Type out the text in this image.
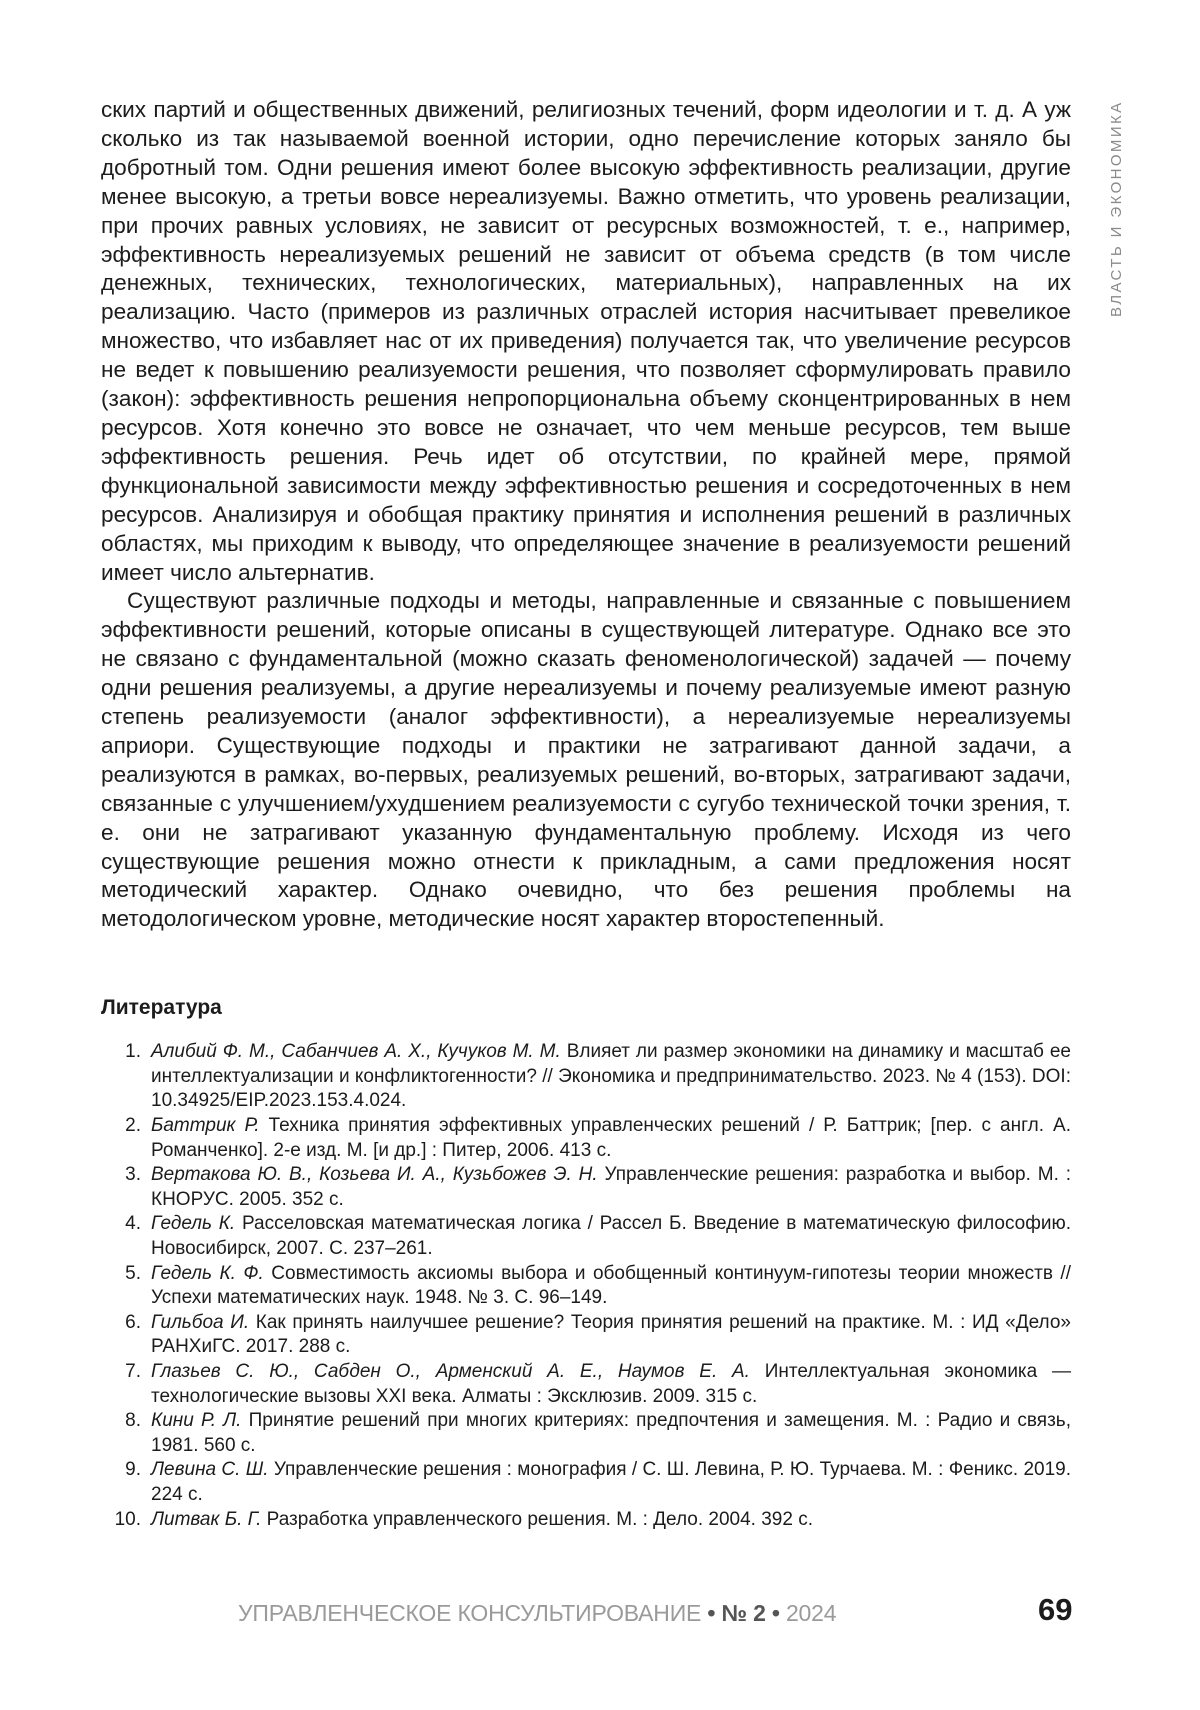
ВЛАСТЬ И ЭКОНОМИКА

ских партий и общественных движений, религиозных течений, форм идеологии и т. д. А уж сколько из так называемой военной истории, одно перечисление которых заняло бы добротный том. Одни решения имеют более высокую эффективность реализации, другие менее высокую, а третьи вовсе нереализуемы. Важно отметить, что уровень реализации, при прочих равных условиях, не зависит от ресурсных возможностей, т. е., например, эффективность нереализуемых решений не зависит от объема средств (в том числе денежных, технических, технологических, материальных), направленных на их реализацию. Часто (примеров из различных отраслей история насчитывает превеликое множество, что избавляет нас от их приведения) получается так, что увеличение ресурсов не ведет к повышению реализуемости решения, что позволяет сформулировать правило (закон): эффективность решения непропорциональна объему сконцентрированных в нем ресурсов. Хотя конечно это вовсе не означает, что чем меньше ресурсов, тем выше эффективность решения. Речь идет об отсутствии, по крайней мере, прямой функциональной зависимости между эффективностью решения и сосредоточенных в нем ресурсов. Анализируя и обобщая практику принятия и исполнения решений в различных областях, мы приходим к выводу, что определяющее значение в реализуемости решений имеет число альтернатив.

Существуют различные подходы и методы, направленные и связанные с повышением эффективности решений, которые описаны в существующей литературе. Однако все это не связано с фундаментальной (можно сказать феноменологической) задачей — почему одни решения реализуемы, а другие нереализуемы и почему реализуемые имеют разную степень реализуемости (аналог эффективности), а нереализуемые нереализуемы априори. Существующие подходы и практики не затрагивают данной задачи, а реализуются в рамках, во-первых, реализуемых решений, во-вторых, затрагивают задачи, связанные с улучшением/ухудшением реализуемости с сугубо технической точки зрения, т. е. они не затрагивают указанную фундаментальную проблему. Исходя из чего существующие решения можно отнести к прикладным, а сами предложения носят методический характер. Однако очевидно, что без решения проблемы на методологическом уровне, методические носят характер второстепенный.

Литература
1. Алибий Ф. М., Сабанчиев А. Х., Кучуков М. М. Влияет ли размер экономики на динамику и масштаб ее интеллектуализации и конфликтогенности? // Экономика и предпринимательство. 2023. № 4 (153). DOI: 10.34925/EIP.2023.153.4.024.
2. Баттрик Р. Техника принятия эффективных управленческих решений / Р. Баттрик; [пер. с англ. А. Романченко]. 2-е изд. М. [и др.] : Питер, 2006. 413 с.
3. Вертакова Ю. В., Козьева И. А., Кузьбожев Э. Н. Управленческие решения: разработка и выбор. М. : КНОРУС. 2005. 352 с.
4. Гедель К. Расселовская математическая логика / Рассел Б. Введение в математическую философию. Новосибирск, 2007. С. 237–261.
5. Гедель К. Ф. Совместимость аксиомы выбора и обобщенный континуум-гипотезы теории множеств // Успехи математических наук. 1948. № 3. С. 96–149.
6. Гильбоа И. Как принять наилучшее решение? Теория принятия решений на практике. М. : ИД «Дело» РАНХиГС. 2017. 288 с.
7. Глазьев С. Ю., Сабден О., Арменский А. Е., Наумов Е. А. Интеллектуальная экономика — технологические вызовы XXI века. Алматы : Эксклюзив. 2009. 315 с.
8. Кини Р. Л. Принятие решений при многих критериях: предпочтения и замещения. М. : Радио и связь, 1981. 560 с.
9. Левина С. Ш. Управленческие решения : монография / С. Ш. Левина, Р. Ю. Турчаева. М. : Феникс. 2019. 224 с.
10. Литвак Б. Г. Разработка управленческого решения. М. : Дело. 2004. 392 с.
УПРАВЛЕНЧЕСКОЕ КОНСУЛЬТИРОВАНИЕ • № 2 • 2024	69
